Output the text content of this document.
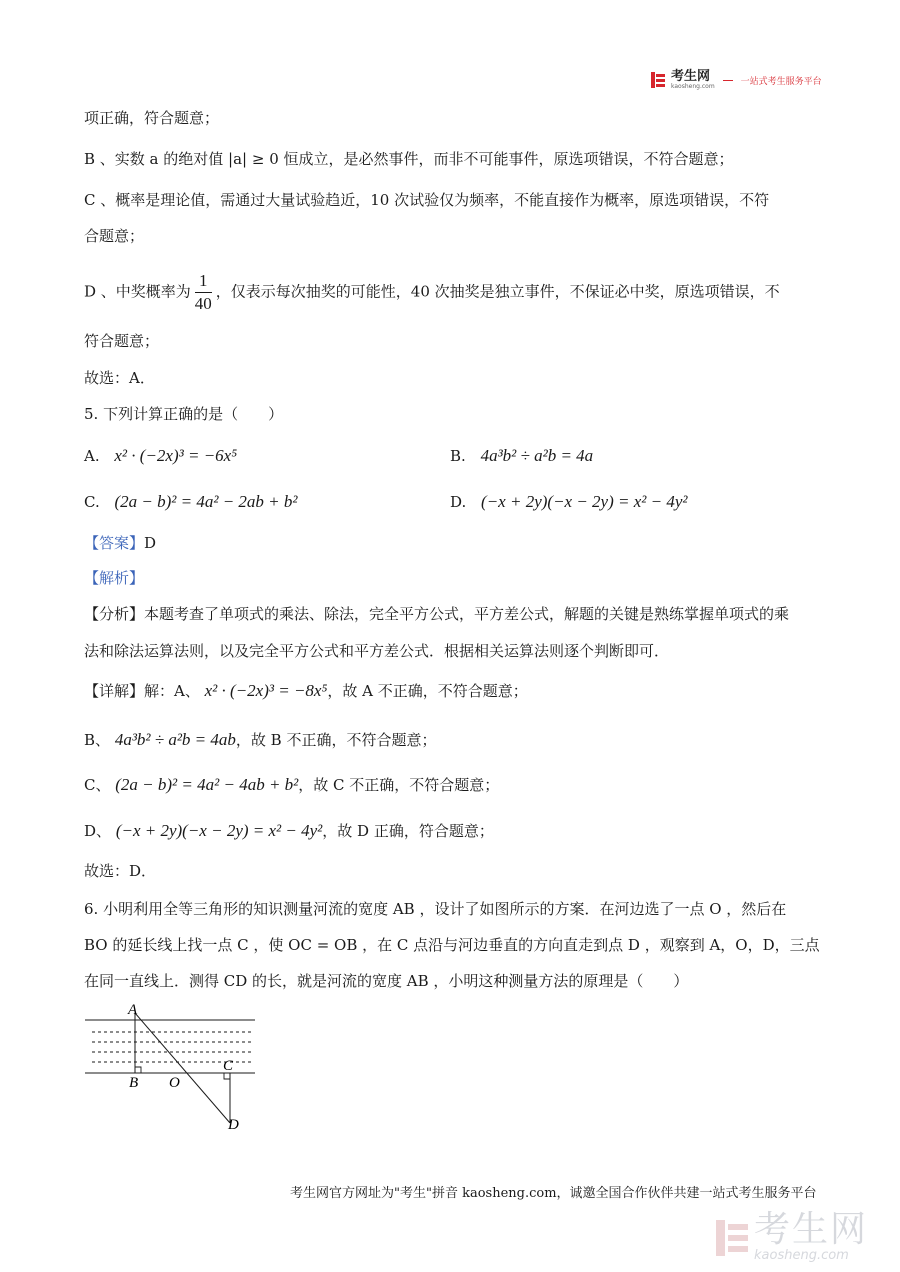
考生网
kaosheng.com	一站式考生服务平台
项正确，符合题意；
B 、实数 a 的绝对值 |a| ≥ 0 恒成立，是必然事件，而非不可能事件，原选项错误，不符合题意；
C 、概率是理论值，需通过大量试验趋近，10 次试验仅为频率，不能直接作为概率，原选项错误，不符
合题意；
D 、中奖概率为 $\frac{1}{40}$ ，仅表示每次抽奖的可能性，40 次抽奖是独立事件，不保证必中奖，原选项错误，不
符合题意；
故选：A．
5. 下列计算正确的是（　　）
A. x² · (−2x)³ = −6x⁵	B. 4a³b² ÷ a²b = 4a
C. (2a − b)² = 4a² − 2ab + b²	D. (−x + 2y)(−x − 2y) = x² − 4y²
【答案】D
【解析】
【分析】本题考查了单项式的乘法、除法，完全平方公式，平方差公式，解题的关键是熟练掌握单项式的乘
法和除法运算法则，以及完全平方公式和平方差公式．根据相关运算法则逐个判断即可．
【详解】解：A、 x² · (−2x)³ = −8x⁵，故 A 不正确，不符合题意；
B、 4a³b² ÷ a²b = 4ab，故 B 不正确，不符合题意；
C、 (2a − b)² = 4a² − 4ab + b²，故 C 不正确，不符合题意；
D、 (−x + 2y)(−x − 2y) = x² − 4y²，故 D 正确，符合题意；
故选：D．
6. 小明利用全等三角形的知识测量河流的宽度 AB ，设计了如图所示的方案．在河边选了一点 O ，然后在
BO 的延长线上找一点 C ，使 OC = OB ，在 C 点沿与河边垂直的方向直走到点 D ，观察到 A，O，D，三点
在同一直线上．测得 CD 的长，就是河流的宽度 AB ，小明这种测量方法的原理是（　　）
A
B O
C
D
考生网官方网址为"考生"拼音 kaosheng.com，诚邀全国合作伙伴共建一站式考生服务平台
考生网
kaosheng.com
